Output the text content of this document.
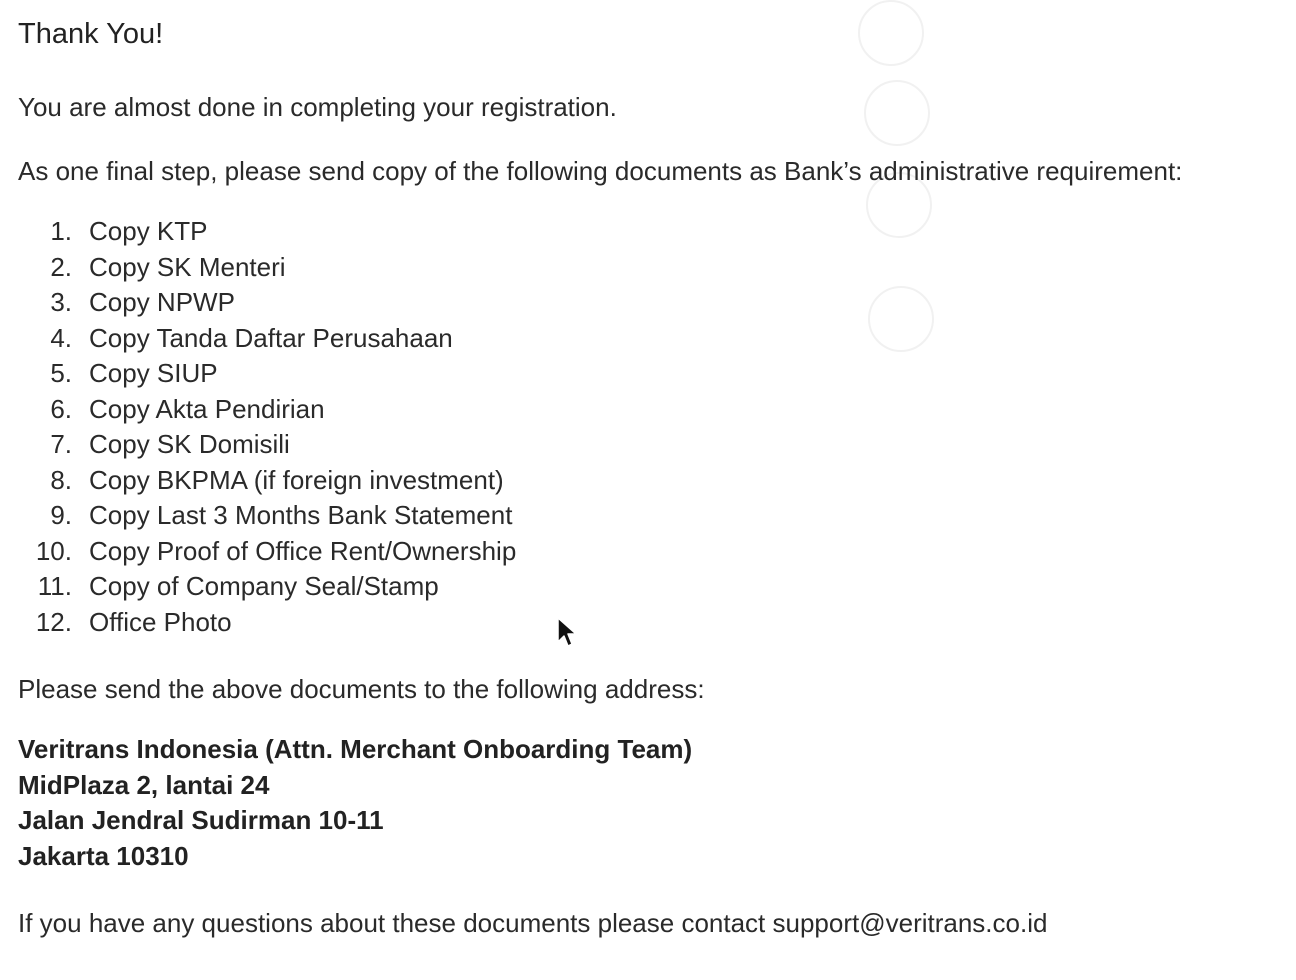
Thank You!
You are almost done in completing your registration.
As one final step, please send copy of the following documents as Bank’s administrative requirement:
1. Copy KTP
2. Copy SK Menteri
3. Copy NPWP
4. Copy Tanda Daftar Perusahaan
5. Copy SIUP
6. Copy Akta Pendirian
7. Copy SK Domisili
8. Copy BKPMA (if foreign investment)
9. Copy Last 3 Months Bank Statement
10. Copy Proof of Office Rent/Ownership
11. Copy of Company Seal/Stamp
12. Office Photo
Please send the above documents to the following address:
Veritrans Indonesia (Attn. Merchant Onboarding Team)
MidPlaza 2, lantai 24
Jalan Jendral Sudirman 10-11
Jakarta 10310
If you have any questions about these documents please contact support@veritrans.co.id
